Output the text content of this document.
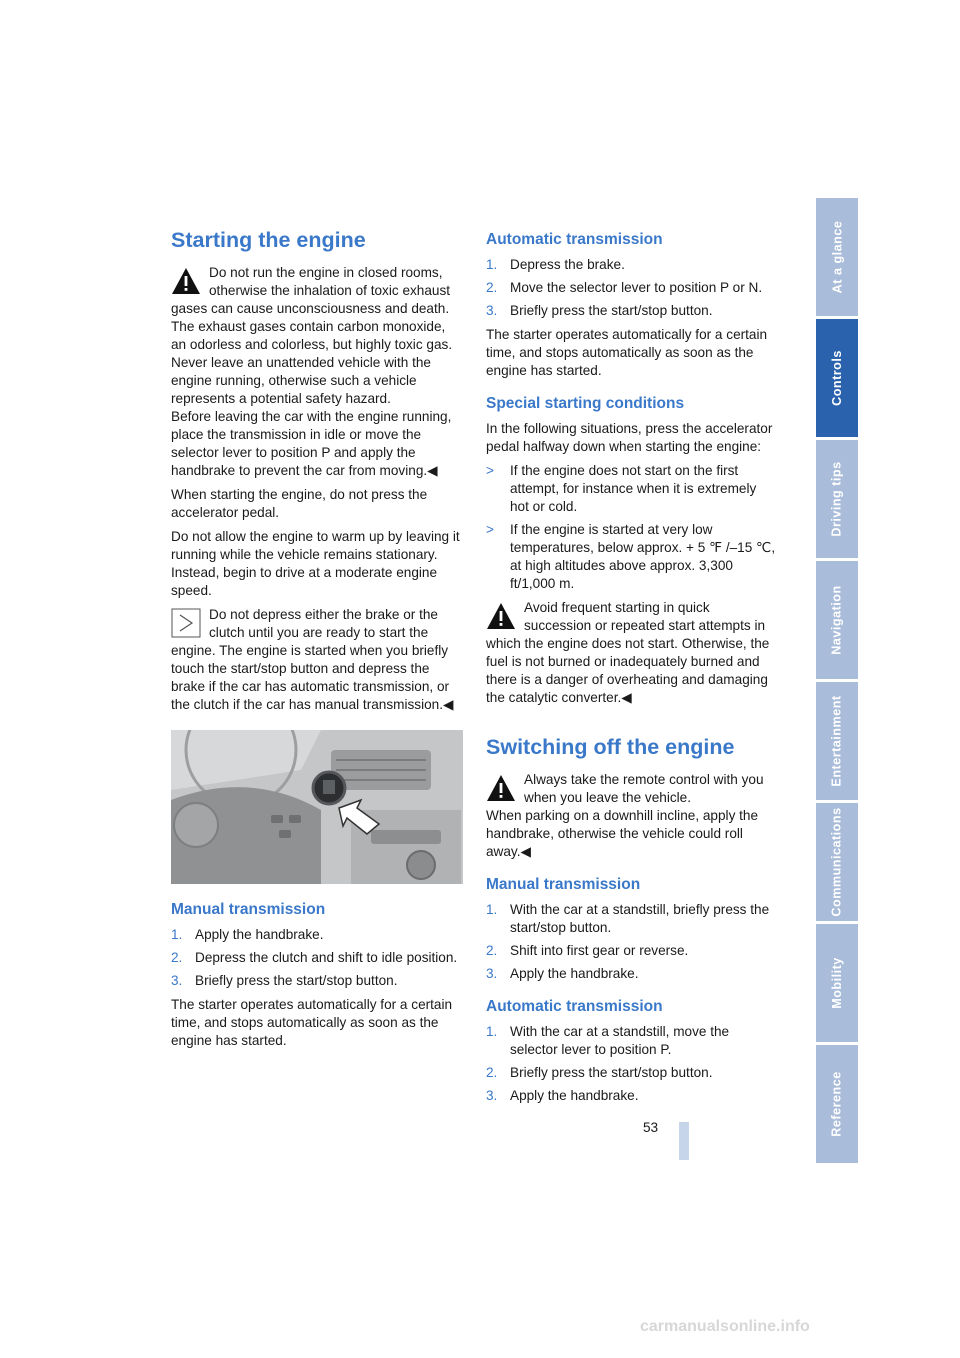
Starting the engine
Do not run the engine in closed rooms, otherwise the inhalation of toxic exhaust gases can cause unconsciousness and death. The exhaust gases contain carbon monoxide, an odorless and colorless, but highly toxic gas. Never leave an unattended vehicle with the engine running, otherwise such a vehicle represents a potential safety hazard.
Before leaving the car with the engine running, place the transmission in idle or move the selector lever to position P and apply the handbrake to prevent the car from moving.◀

When starting the engine, do not press the accelerator pedal.

Do not allow the engine to warm up by leaving it running while the vehicle remains stationary. Instead, begin to drive at a moderate engine speed.

Do not depress either the brake or the clutch until you are ready to start the engine. The engine is started when you briefly touch the start/stop button and depress the brake if the car has automatic transmission, or the clutch if the car has manual transmission.◀
Manual transmission
1. Apply the handbrake.
2. Depress the clutch and shift to idle position.
3. Briefly press the start/stop button.

The starter operates automatically for a certain time, and stops automatically as soon as the engine has started.

Automatic transmission
1. Depress the brake.
2. Move the selector lever to position P or N.
3. Briefly press the start/stop button.

The starter operates automatically for a certain time, and stops automatically as soon as the engine has started.

Special starting conditions

In the following situations, press the accelerator pedal halfway down when starting the engine:

> If the engine does not start on the first attempt, for instance when it is extremely hot or cold.
> If the engine is started at very low temperatures, below approx. + 5 ℉ /–15 ℃, at high altitudes above approx. 3,300 ft/1,000 m.
Avoid frequent starting in quick succession or repeated start attempts in which the engine does not start. Otherwise, the fuel is not burned or inadequately burned and there is a danger of overheating and damaging the catalytic converter.◀
Switching off the engine
Always take the remote control with you when you leave the vehicle.
When parking on a downhill incline, apply the handbrake, otherwise the vehicle could roll away.◀
Manual transmission
1. With the car at a standstill, briefly press the start/stop button.
2. Shift into first gear or reverse.
3. Apply the handbrake.
Automatic transmission
1. With the car at a standstill, move the selector lever to position P.
2. Briefly press the start/stop button.
3. Apply the handbrake.
At a glance
Controls
Driving tips
Navigation
Entertainment
Communications
Mobility
Reference
53
carmanualsonline.info
